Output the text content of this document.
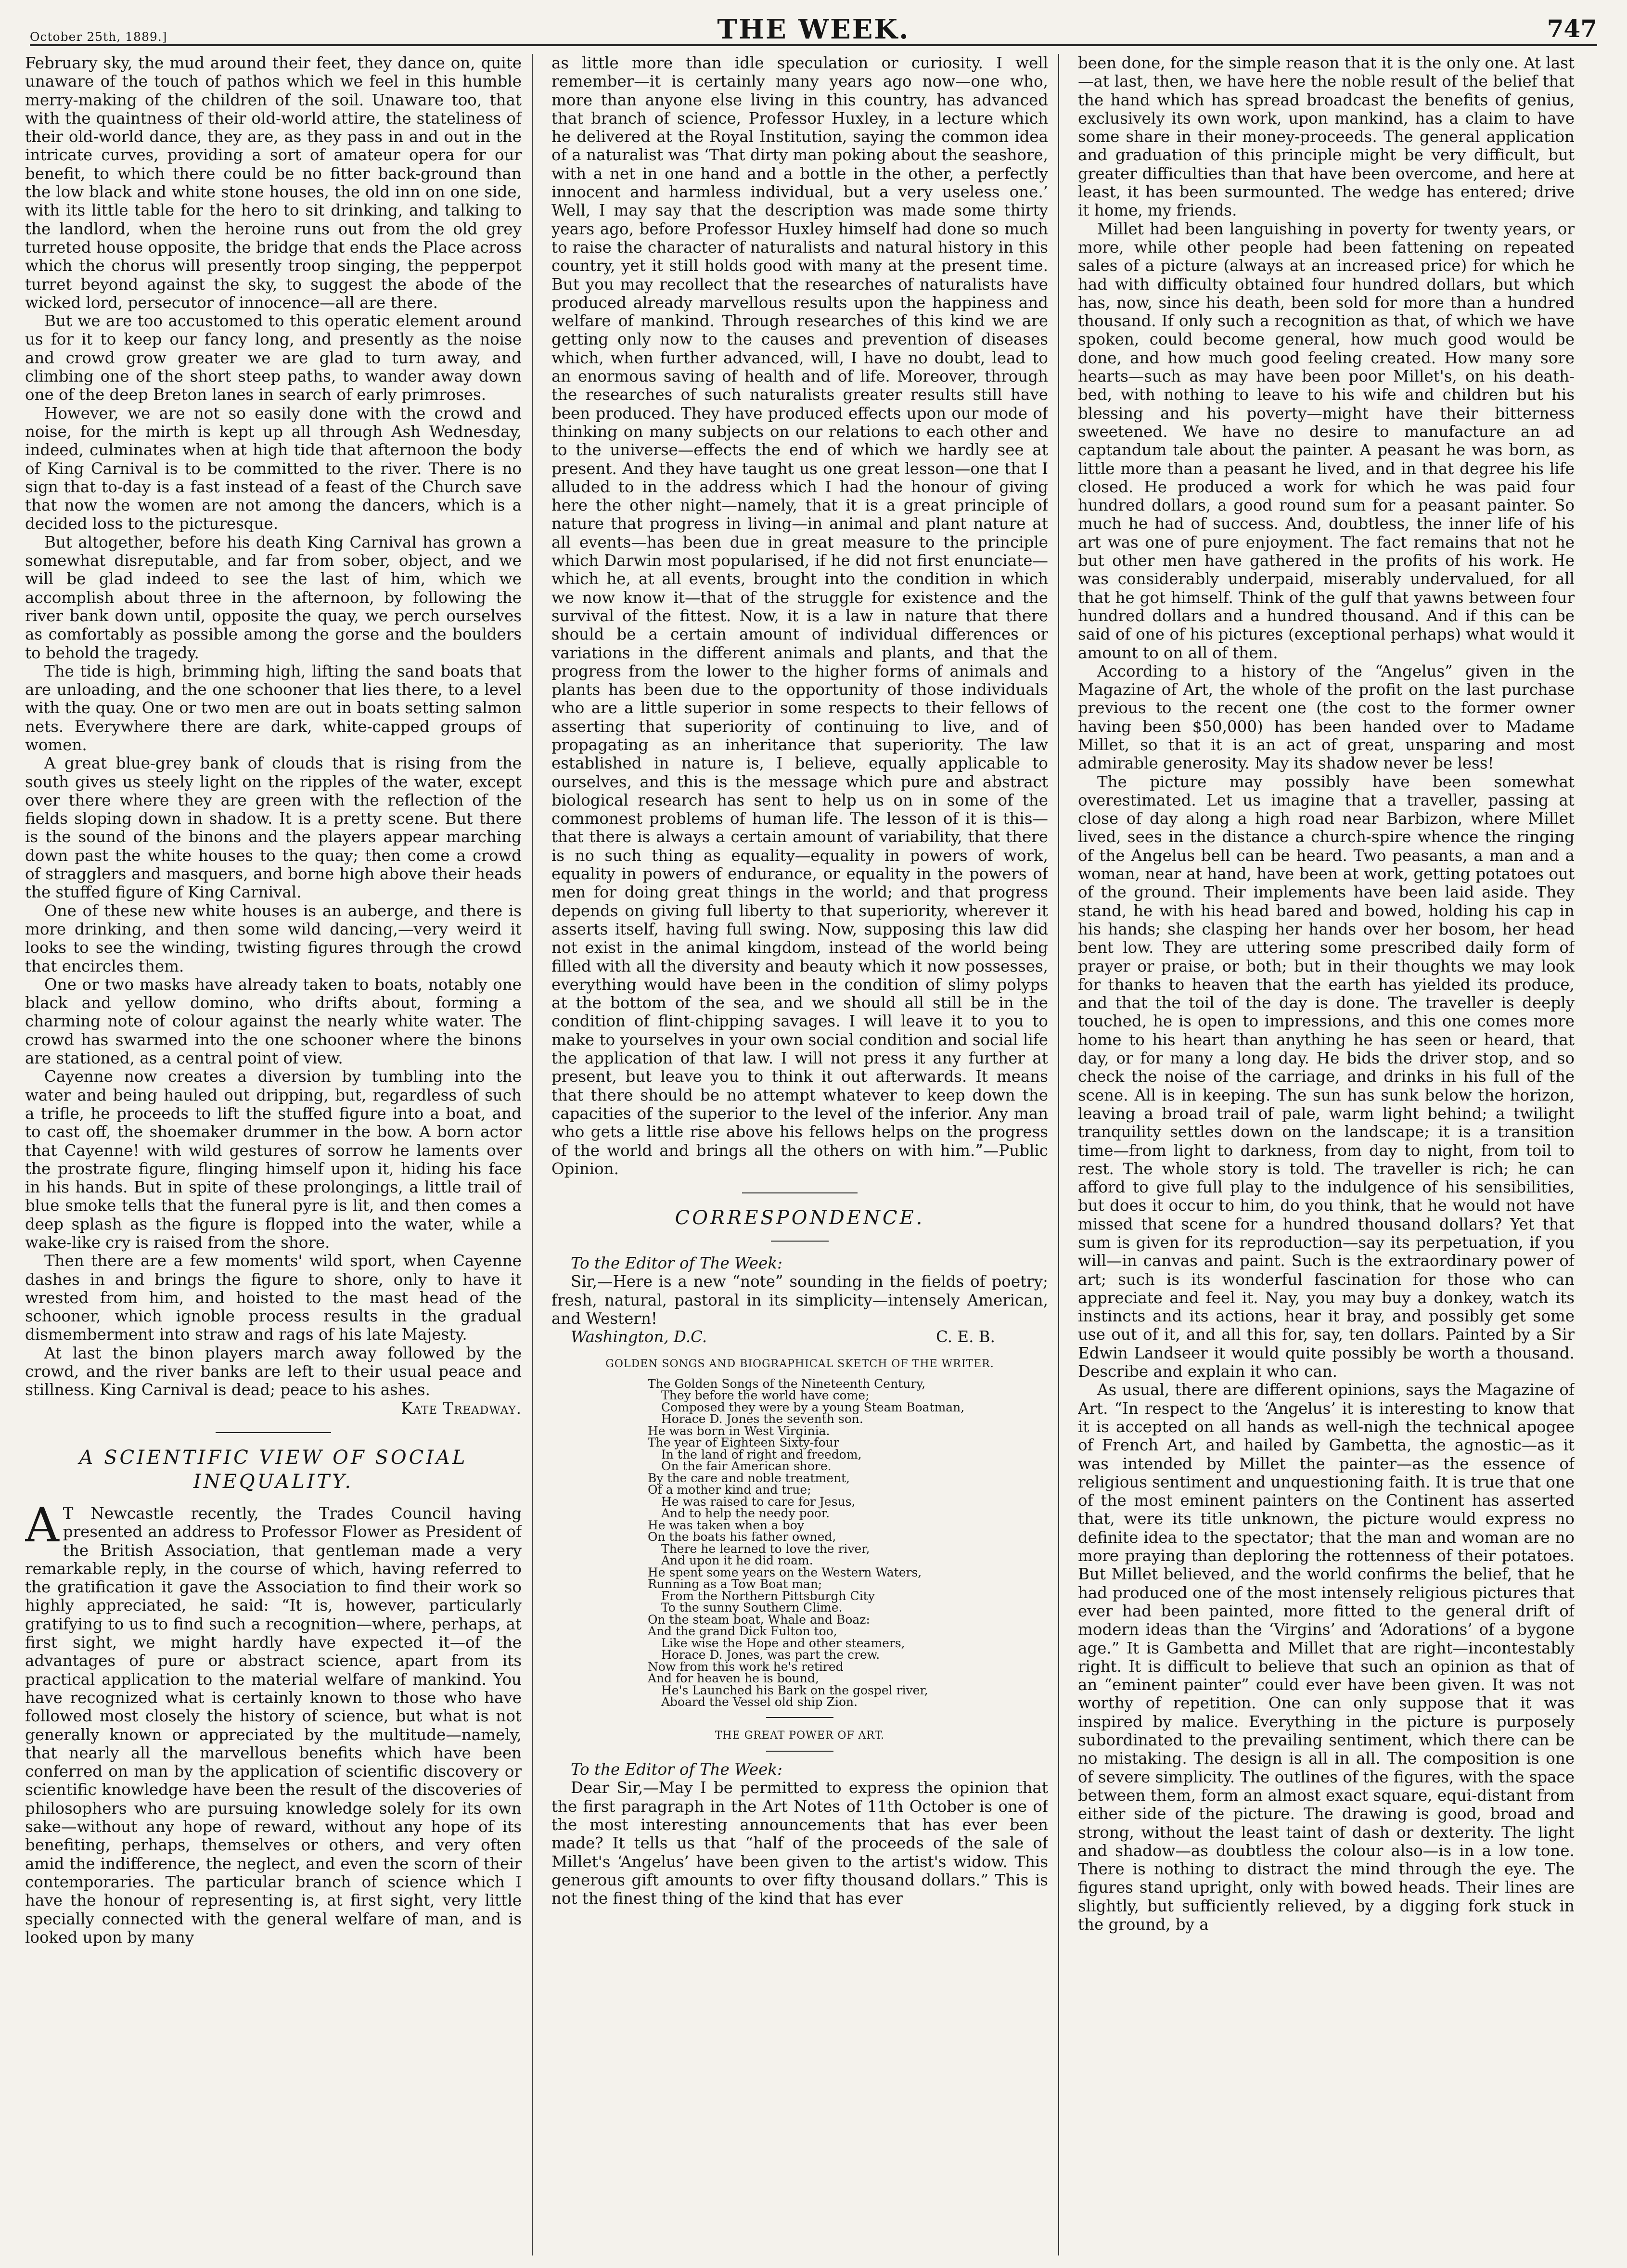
October 25th, 1889.]	THE WEEK.	747

February sky, the mud around their feet, they dance on, quite unaware of the touch of pathos which we feel in this humble merry-making of the children of the soil. Unaware too, that with the quaintness of their old-world attire, the stateliness of their old-world dance, they are, as they pass in and out in the intricate curves, providing a sort of amateur opera for our benefit, to which there could be no fitter back-ground than the low black and white stone houses, the old inn on one side, with its little table for the hero to sit drinking, and talking to the landlord, when the heroine runs out from the old grey turreted house opposite, the bridge that ends the Place across which the chorus will presently troop singing, the pepperpot turret beyond against the sky, to suggest the abode of the wicked lord, persecutor of innocence—all are there.

But we are too accustomed to this operatic element around us for it to keep our fancy long, and presently as the noise and crowd grow greater we are glad to turn away, and climbing one of the short steep paths, to wander away down one of the deep Breton lanes in search of early primroses.

However, we are not so easily done with the crowd and noise, for the mirth is kept up all through Ash Wednesday, indeed, culminates when at high tide that afternoon the body of King Carnival is to be committed to the river. There is no sign that to-day is a fast instead of a feast of the Church save that now the women are not among the dancers, which is a decided loss to the picturesque.

But altogether, before his death King Carnival has grown a somewhat disreputable, and far from sober, object, and we will be glad indeed to see the last of him, which we accomplish about three in the afternoon, by following the river bank down until, opposite the quay, we perch ourselves as comfortably as possible among the gorse and the boulders to behold the tragedy.

The tide is high, brimming high, lifting the sand boats that are unloading, and the one schooner that lies there, to a level with the quay. One or two men are out in boats setting salmon nets. Everywhere there are dark, white-capped groups of women.

A great blue-grey bank of clouds that is rising from the south gives us steely light on the ripples of the water, except over there where they are green with the reflection of the fields sloping down in shadow. It is a pretty scene. But there is the sound of the binons and the players appear marching down past the white houses to the quay; then come a crowd of stragglers and masquers, and borne high above their heads the stuffed figure of King Carnival.

One of these new white houses is an auberge, and there is more drinking, and then some wild dancing,—very weird it looks to see the winding, twisting figures through the crowd that encircles them.

One or two masks have already taken to boats, notably one black and yellow domino, who drifts about, forming a charming note of colour against the nearly white water. The crowd has swarmed into the one schooner where the binons are stationed, as a central point of view.

Cayenne now creates a diversion by tumbling into the water and being hauled out dripping, but, regardless of such a trifle, he proceeds to lift the stuffed figure into a boat, and to cast off, the shoemaker drummer in the bow. A born actor that Cayenne! with wild gestures of sorrow he laments over the prostrate figure, flinging himself upon it, hiding his face in his hands. But in spite of these prolongings, a little trail of blue smoke tells that the funeral pyre is lit, and then comes a deep splash as the figure is flopped into the water, while a wake-like cry is raised from the shore.

Then there are a few moments' wild sport, when Cayenne dashes in and brings the figure to shore, only to have it wrested from him, and hoisted to the mast head of the schooner, which ignoble process results in the gradual dismemberment into straw and rags of his late Majesty.

At last the binon players march away followed by the crowd, and the river banks are left to their usual peace and stillness. King Carnival is dead; peace to his ashes.

Kate Treadway.

A SCIENTIFIC VIEW OF SOCIAL INEQUALITY.

A T Newcastle recently, the Trades Council having presented an address to Professor Flower as President of the British Association, that gentleman made a very remarkable reply, in the course of which, having referred to the gratification it gave the Association to find their work so highly appreciated, he said: “It is, however, particularly gratifying to us to find such a recognition—where, perhaps, at first sight, we might hardly have expected it—of the advantages of pure or abstract science, apart from its practical application to the material welfare of mankind. You have recognized what is certainly known to those who have followed most closely the history of science, but what is not generally known or appreciated by the multitude—namely, that nearly all the marvellous benefits which have been conferred on man by the application of scientific discovery or scientific knowledge have been the result of the discoveries of philosophers who are pursuing knowledge solely for its own sake—without any hope of reward, without any hope of its benefiting, perhaps, themselves or others, and very often amid the indifference, the neglect, and even the scorn of their contemporaries. The particular branch of science which I have the honour of representing is, at first sight, very little specially connected with the general welfare of man, and is looked upon by many

as little more than idle speculation or curiosity. I well remember—it is certainly many years ago now—one who, more than anyone else living in this country, has advanced that branch of science, Professor Huxley, in a lecture which he delivered at the Royal Institution, saying the common idea of a naturalist was ‘That dirty man poking about the seashore, with a net in one hand and a bottle in the other, a perfectly innocent and harmless individual, but a very useless one.’ Well, I may say that the description was made some thirty years ago, before Professor Huxley himself had done so much to raise the character of naturalists and natural history in this country, yet it still holds good with many at the present time. But you may recollect that the researches of naturalists have produced already marvellous results upon the happiness and welfare of mankind. Through researches of this kind we are getting only now to the causes and prevention of diseases which, when further advanced, will, I have no doubt, lead to an enormous saving of health and of life. Moreover, through the researches of such naturalists greater results still have been produced. They have produced effects upon our mode of thinking on many subjects on our relations to each other and to the universe—effects the end of which we hardly see at present. And they have taught us one great lesson—one that I alluded to in the address which I had the honour of giving here the other night—namely, that it is a great principle of nature that progress in living—in animal and plant nature at all events—has been due in great measure to the principle which Darwin most popularised, if he did not first enunciate—which he, at all events, brought into the condition in which we now know it—that of the struggle for existence and the survival of the fittest. Now, it is a law in nature that there should be a certain amount of individual differences or variations in the different animals and plants, and that the progress from the lower to the higher forms of animals and plants has been due to the opportunity of those individuals who are a little superior in some respects to their fellows of asserting that superiority of continuing to live, and of propagating as an inheritance that superiority. The law established in nature is, I believe, equally applicable to ourselves, and this is the message which pure and abstract biological research has sent to help us on in some of the commonest problems of human life. The lesson of it is this—that there is always a certain amount of variability, that there is no such thing as equality—equality in powers of work, equality in powers of endurance, or equality in the powers of men for doing great things in the world; and that progress depends on giving full liberty to that superiority, wherever it asserts itself, having full swing. Now, supposing this law did not exist in the animal kingdom, instead of the world being filled with all the diversity and beauty which it now possesses, everything would have been in the condition of slimy polyps at the bottom of the sea, and we should all still be in the condition of flint-chipping savages. I will leave it to you to make to yourselves in your own social condition and social life the application of that law. I will not press it any further at present, but leave you to think it out afterwards. It means that there should be no attempt whatever to keep down the capacities of the superior to the level of the inferior. Any man who gets a little rise above his fellows helps on the progress of the world and brings all the others on with him.”—Public Opinion.

CORRESPONDENCE.

To the Editor of The Week:

Sir,—Here is a new “note” sounding in the fields of poetry; fresh, natural, pastoral in its simplicity—intensely American, and Western!

Washington, D.C.	C. E. B.
GOLDEN SONGS AND BIOGRAPHICAL SKETCH OF THE WRITER.
The Golden Songs of the Nineteenth Century,
They before the world have come;
Composed they were by a young Steam Boatman,
Horace D. Jones the seventh son.
He was born in West Virginia.
The year of Eighteen Sixty-four
In the land of right and freedom,
On the fair American shore.
By the care and noble treatment,
Of a mother kind and true;
He was raised to care for Jesus,
And to help the needy poor.
He was taken when a boy
On the boats his father owned,
There he learned to love the river,
And upon it he did roam.
He spent some years on the Western Waters,
Running as a Tow Boat man;
From the Northern Pittsburgh City
To the sunny Southern Clime.
On the steam boat, Whale and Boaz:
And the grand Dick Fulton too,
Like wise the Hope and other steamers,
Horace D. Jones, was part the crew.
Now from this work he's retired
And for heaven he is bound,
He's Launched his Bark on the gospel river,
Aboard the Vessel old ship Zion.
THE GREAT POWER OF ART.

To the Editor of The Week:

Dear Sir,—May I be permitted to express the opinion that the first paragraph in the Art Notes of 11th October is one of the most interesting announcements that has ever been made? It tells us that “half of the proceeds of the sale of Millet's ‘Angelus’ have been given to the artist's widow. This generous gift amounts to over fifty thousand dollars.” This is not the finest thing of the kind that has ever

been done, for the simple reason that it is the only one. At last—at last, then, we have here the noble result of the belief that the hand which has spread broadcast the benefits of genius, exclusively its own work, upon mankind, has a claim to have some share in their money-proceeds. The general application and graduation of this principle might be very difficult, but greater difficulties than that have been overcome, and here at least, it has been surmounted. The wedge has entered; drive it home, my friends.

Millet had been languishing in poverty for twenty years, or more, while other people had been fattening on repeated sales of a picture (always at an increased price) for which he had with difficulty obtained four hundred dollars, but which has, now, since his death, been sold for more than a hundred thousand. If only such a recognition as that, of which we have spoken, could become general, how much good would be done, and how much good feeling created. How many sore hearts—such as may have been poor Millet's, on his death-bed, with nothing to leave to his wife and children but his blessing and his poverty—might have their bitterness sweetened. We have no desire to manufacture an ad captandum tale about the painter. A peasant he was born, as little more than a peasant he lived, and in that degree his life closed. He produced a work for which he was paid four hundred dollars, a good round sum for a peasant painter. So much he had of success. And, doubtless, the inner life of his art was one of pure enjoyment. The fact remains that not he but other men have gathered in the profits of his work. He was considerably underpaid, miserably undervalued, for all that he got himself. Think of the gulf that yawns between four hundred dollars and a hundred thousand. And if this can be said of one of his pictures (exceptional perhaps) what would it amount to on all of them.

According to a history of the “Angelus” given in the Magazine of Art, the whole of the profit on the last purchase previous to the recent one (the cost to the former owner having been $50,000) has been handed over to Madame Millet, so that it is an act of great, unsparing and most admirable generosity. May its shadow never be less!

The picture may possibly have been somewhat overestimated. Let us imagine that a traveller, passing at close of day along a high road near Barbizon, where Millet lived, sees in the distance a church-spire whence the ringing of the Angelus bell can be heard. Two peasants, a man and a woman, near at hand, have been at work, getting potatoes out of the ground. Their implements have been laid aside. They stand, he with his head bared and bowed, holding his cap in his hands; she clasping her hands over her bosom, her head bent low. They are uttering some prescribed daily form of prayer or praise, or both; but in their thoughts we may look for thanks to heaven that the earth has yielded its produce, and that the toil of the day is done. The traveller is deeply touched, he is open to impressions, and this one comes more home to his heart than anything he has seen or heard, that day, or for many a long day. He bids the driver stop, and so check the noise of the carriage, and drinks in his full of the scene. All is in keeping. The sun has sunk below the horizon, leaving a broad trail of pale, warm light behind; a twilight tranquility settles down on the landscape; it is a transition time—from light to darkness, from day to night, from toil to rest. The whole story is told. The traveller is rich; he can afford to give full play to the indulgence of his sensibilities, but does it occur to him, do you think, that he would not have missed that scene for a hundred thousand dollars? Yet that sum is given for its reproduction—say its perpetuation, if you will—in canvas and paint. Such is the extraordinary power of art; such is its wonderful fascination for those who can appreciate and feel it. Nay, you may buy a donkey, watch its instincts and its actions, hear it bray, and possibly get some use out of it, and all this for, say, ten dollars. Painted by a Sir Edwin Landseer it would quite possibly be worth a thousand. Describe and explain it who can.

As usual, there are different opinions, says the Magazine of Art. “In respect to the ‘Angelus’ it is interesting to know that it is accepted on all hands as well-nigh the technical apogee of French Art, and hailed by Gambetta, the agnostic—as it was intended by Millet the painter—as the essence of religious sentiment and unquestioning faith. It is true that one of the most eminent painters on the Continent has asserted that, were its title unknown, the picture would express no definite idea to the spectator; that the man and woman are no more praying than deploring the rottenness of their potatoes. But Millet believed, and the world confirms the belief, that he had produced one of the most intensely religious pictures that ever had been painted, more fitted to the general drift of modern ideas than the ‘Virgins’ and ‘Adorations’ of a bygone age.” It is Gambetta and Millet that are right—incontestably right. It is difficult to believe that such an opinion as that of an “eminent painter” could ever have been given. It was not worthy of repetition. One can only suppose that it was inspired by malice. Everything in the picture is purposely subordinated to the prevailing sentiment, which there can be no mistaking. The design is all in all. The composition is one of severe simplicity. The outlines of the figures, with the space between them, form an almost exact square, equi-distant from either side of the picture. The drawing is good, broad and strong, without the least taint of dash or dexterity. The light and shadow—as doubtless the colour also—is in a low tone. There is nothing to distract the mind through the eye. The figures stand upright, only with bowed heads. Their lines are slightly, but sufficiently relieved, by a digging fork stuck in the ground, by a
